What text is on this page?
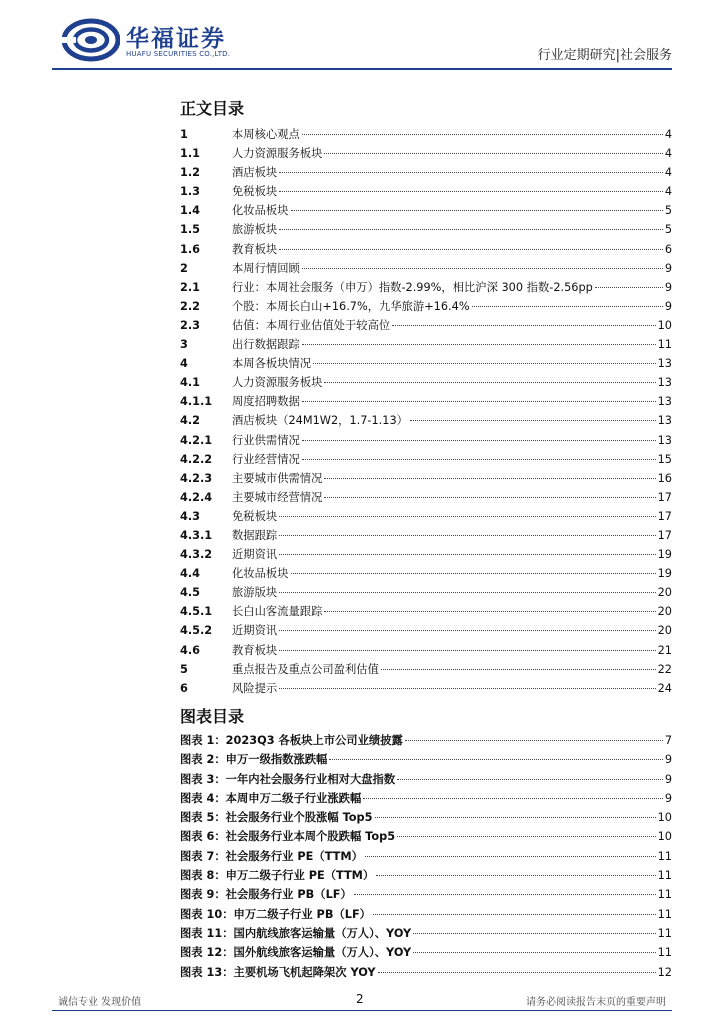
华福证券
HUAFU SECURITIES CO.,LTD.	行业定期研究|社会服务
正文目录
1	本周核心观点	4
1.1	人力资源服务板块	4
1.2	酒店板块	4
1.3	免税板块	4
1.4	化妆品板块	5
1.5	旅游板块	5
1.6	教育板块	6
2	本周行情回顾	9
2.1	行业：本周社会服务（申万）指数-2.99%，相比沪深 300 指数-2.56pp	9
2.2	个股：本周长白山+16.7%，九华旅游+16.4%	9
2.3	估值：本周行业估值处于较高位	10
3	出行数据跟踪	11
4	本周各板块情况	13
4.1	人力资源服务板块	13
4.1.1	周度招聘数据	13
4.2	酒店板块（24M1W2，1.7-1.13）	13
4.2.1	行业供需情况	13
4.2.2	行业经营情况	15
4.2.3	主要城市供需情况	16
4.2.4	主要城市经营情况	17
4.3	免税板块	17
4.3.1	数据跟踪	17
4.3.2	近期资讯	19
4.4	化妆品板块	19
4.5	旅游版块	20
4.5.1	长白山客流量跟踪	20
4.5.2	近期资讯	20
4.6	教育板块	21
5	重点报告及重点公司盈利估值	22
6	风险提示	24
图表目录
图表 1：2023Q3 各板块上市公司业绩披露	7
图表 2：申万一级指数涨跌幅	9
图表 3：一年内社会服务行业相对大盘指数	9
图表 4：本周申万二级子行业涨跌幅	9
图表 5：社会服务行业个股涨幅 Top5	10
图表 6：社会服务行业本周个股跌幅 Top5	10
图表 7：社会服务行业 PE（TTM）	11
图表 8：申万二级子行业 PE（TTM）	11
图表 9：社会服务行业 PB（LF）	11
图表 10：申万二级子行业 PB（LF）	11
图表 11：国内航线旅客运输量（万人）、YOY	11
图表 12：国外航线旅客运输量（万人）、YOY	11
图表 13：主要机场飞机起降架次 YOY	12
诚信专业 发现价值	2	请务必阅读报告末页的重要声明
